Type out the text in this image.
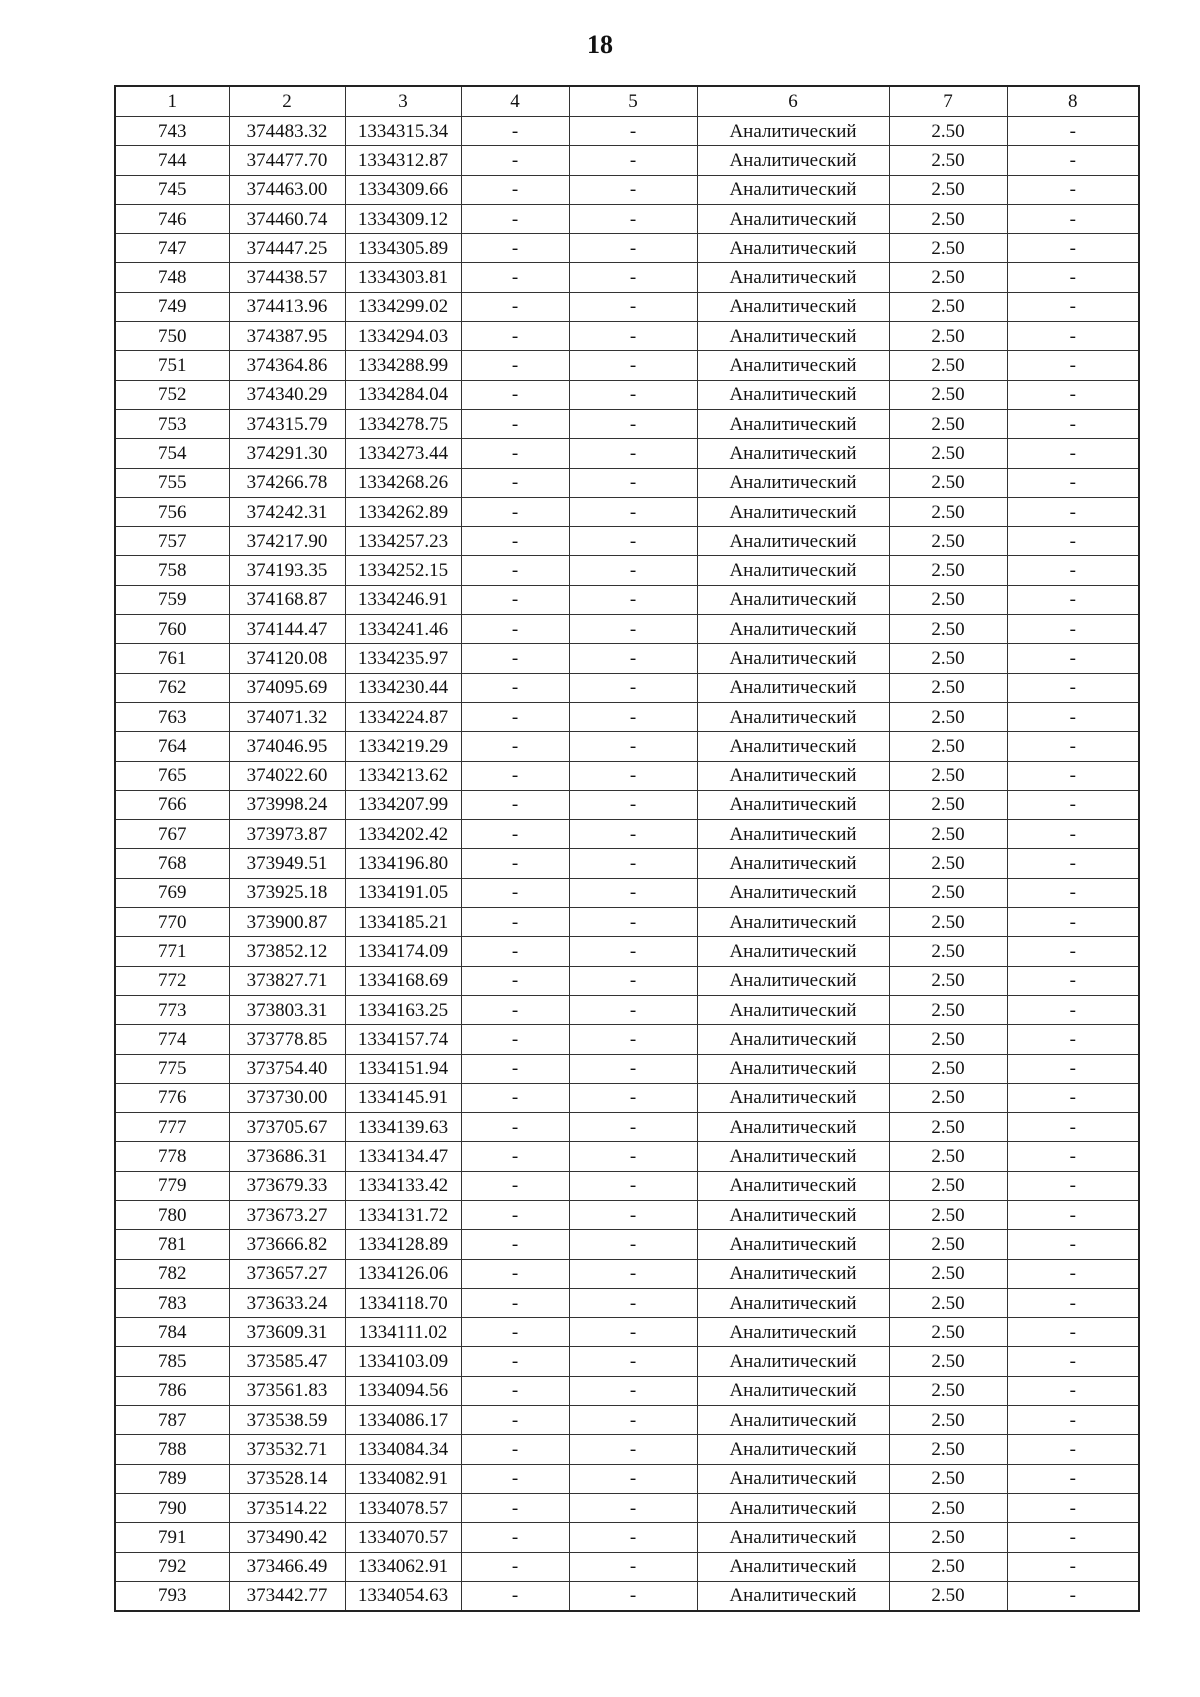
18
1	2	3	4	5	6	7	8
743	374483.32	1334315.34	-	-	Аналитический	2.50	-
744	374477.70	1334312.87	-	-	Аналитический	2.50	-
745	374463.00	1334309.66	-	-	Аналитический	2.50	-
746	374460.74	1334309.12	-	-	Аналитический	2.50	-
747	374447.25	1334305.89	-	-	Аналитический	2.50	-
748	374438.57	1334303.81	-	-	Аналитический	2.50	-
749	374413.96	1334299.02	-	-	Аналитический	2.50	-
750	374387.95	1334294.03	-	-	Аналитический	2.50	-
751	374364.86	1334288.99	-	-	Аналитический	2.50	-
752	374340.29	1334284.04	-	-	Аналитический	2.50	-
753	374315.79	1334278.75	-	-	Аналитический	2.50	-
754	374291.30	1334273.44	-	-	Аналитический	2.50	-
755	374266.78	1334268.26	-	-	Аналитический	2.50	-
756	374242.31	1334262.89	-	-	Аналитический	2.50	-
757	374217.90	1334257.23	-	-	Аналитический	2.50	-
758	374193.35	1334252.15	-	-	Аналитический	2.50	-
759	374168.87	1334246.91	-	-	Аналитический	2.50	-
760	374144.47	1334241.46	-	-	Аналитический	2.50	-
761	374120.08	1334235.97	-	-	Аналитический	2.50	-
762	374095.69	1334230.44	-	-	Аналитический	2.50	-
763	374071.32	1334224.87	-	-	Аналитический	2.50	-
764	374046.95	1334219.29	-	-	Аналитический	2.50	-
765	374022.60	1334213.62	-	-	Аналитический	2.50	-
766	373998.24	1334207.99	-	-	Аналитический	2.50	-
767	373973.87	1334202.42	-	-	Аналитический	2.50	-
768	373949.51	1334196.80	-	-	Аналитический	2.50	-
769	373925.18	1334191.05	-	-	Аналитический	2.50	-
770	373900.87	1334185.21	-	-	Аналитический	2.50	-
771	373852.12	1334174.09	-	-	Аналитический	2.50	-
772	373827.71	1334168.69	-	-	Аналитический	2.50	-
773	373803.31	1334163.25	-	-	Аналитический	2.50	-
774	373778.85	1334157.74	-	-	Аналитический	2.50	-
775	373754.40	1334151.94	-	-	Аналитический	2.50	-
776	373730.00	1334145.91	-	-	Аналитический	2.50	-
777	373705.67	1334139.63	-	-	Аналитический	2.50	-
778	373686.31	1334134.47	-	-	Аналитический	2.50	-
779	373679.33	1334133.42	-	-	Аналитический	2.50	-
780	373673.27	1334131.72	-	-	Аналитический	2.50	-
781	373666.82	1334128.89	-	-	Аналитический	2.50	-
782	373657.27	1334126.06	-	-	Аналитический	2.50	-
783	373633.24	1334118.70	-	-	Аналитический	2.50	-
784	373609.31	1334111.02	-	-	Аналитический	2.50	-
785	373585.47	1334103.09	-	-	Аналитический	2.50	-
786	373561.83	1334094.56	-	-	Аналитический	2.50	-
787	373538.59	1334086.17	-	-	Аналитический	2.50	-
788	373532.71	1334084.34	-	-	Аналитический	2.50	-
789	373528.14	1334082.91	-	-	Аналитический	2.50	-
790	373514.22	1334078.57	-	-	Аналитический	2.50	-
791	373490.42	1334070.57	-	-	Аналитический	2.50	-
792	373466.49	1334062.91	-	-	Аналитический	2.50	-
793	373442.77	1334054.63	-	-	Аналитический	2.50	-
